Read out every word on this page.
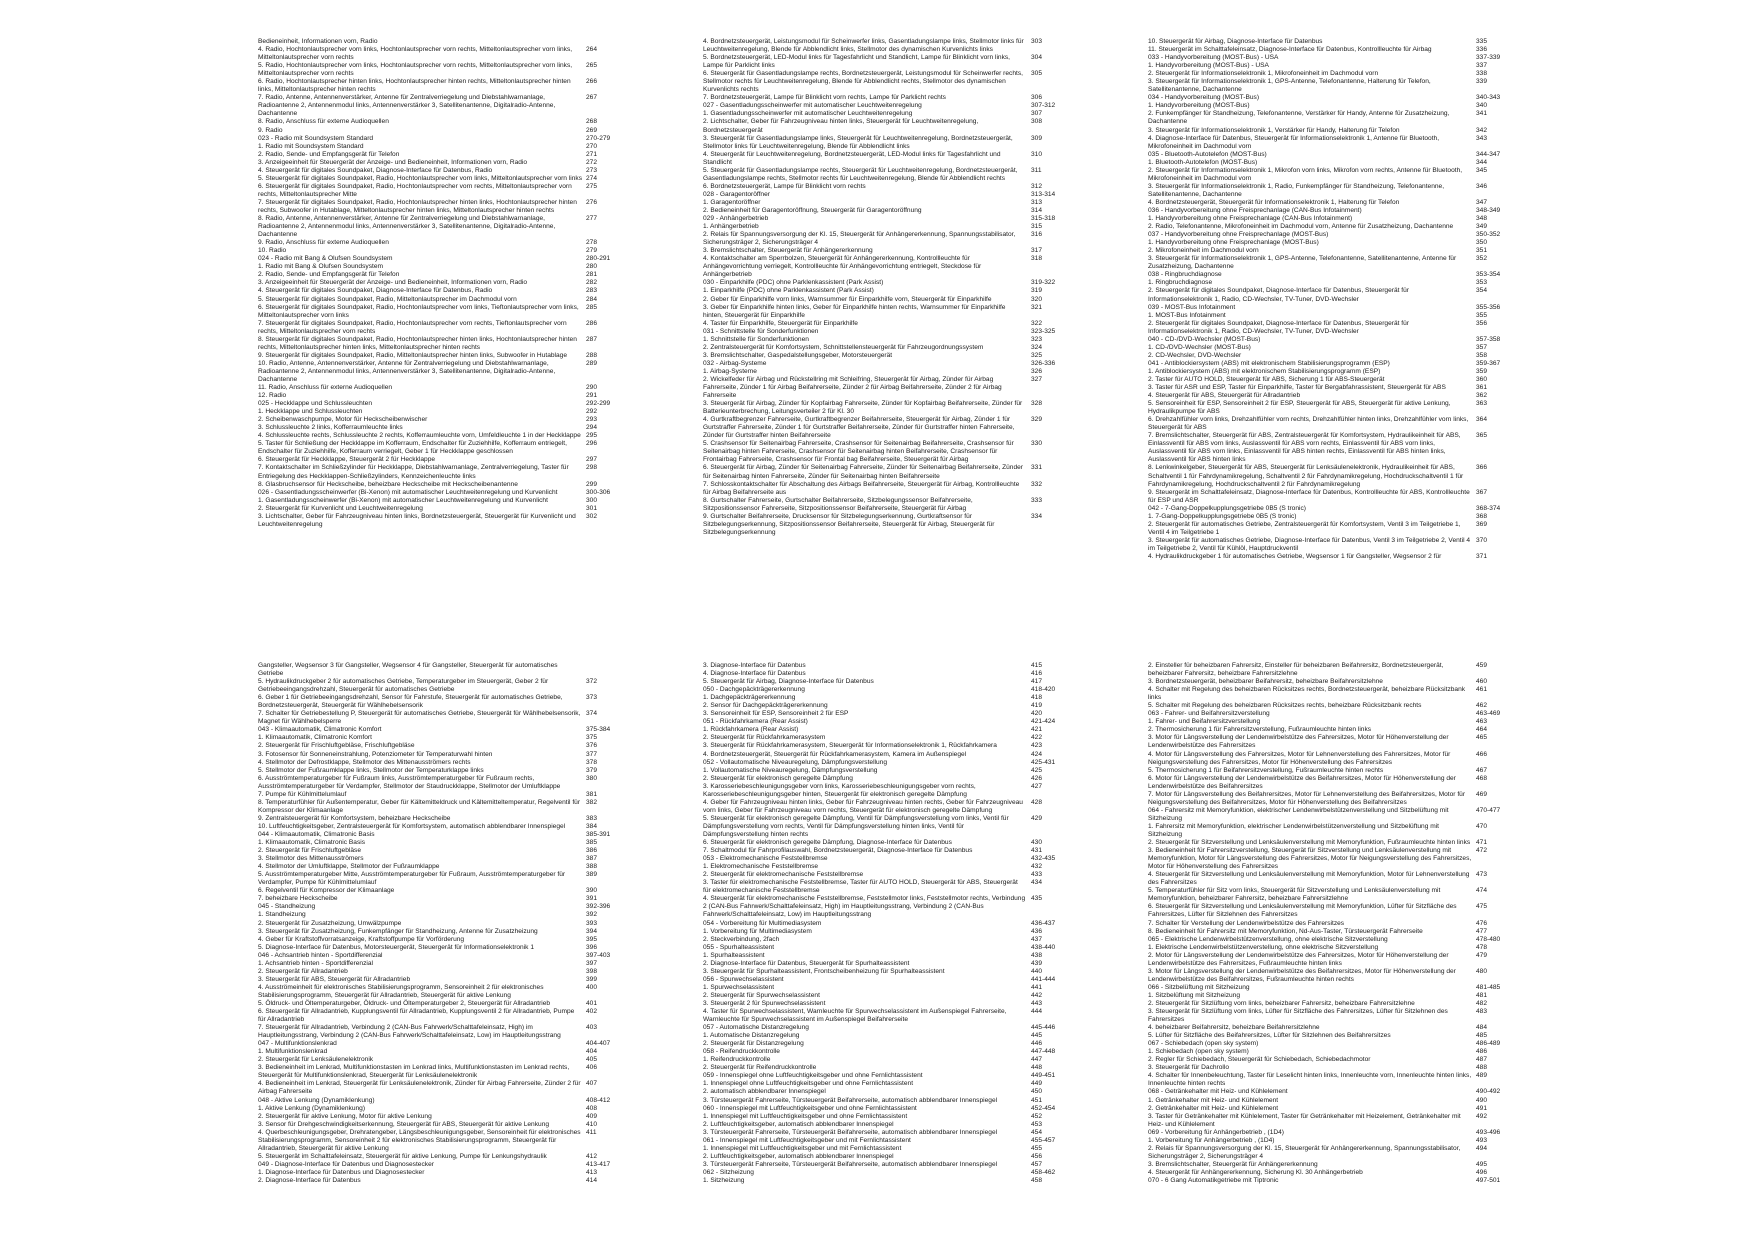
Bedieneinheit, Informationen vorn, Radio
4. Radio, Hochtonlautsprecher vorn links, Hochtonlautsprecher vorn rechts, Mitteltonlautsprecher vorn links, Mitteltonlautsprecher vorn rechts
264
5. Radio, Hochtonlautsprecher vorn links, Hochtonlautsprecher vorn rechts, Mitteltonlautsprecher vorn links, Mitteltonlautsprecher vorn rechts
265
6. Radio, Hochtonlautsprecher hinten links, Hochtonlautsprecher hinten rechts, Mitteltonlautsprecher hinten links, Mitteltonlautsprecher hinten rechts
266
7. Radio, Antenne, Antennenverstärker, Antenne für Zentralverriegelung und Diebstahlwarnanlage, Radioantenne 2, Antennenmodul links, Antennenverstärker 3, Satellitenantenne, Digitalradio-Antenne, Dachantenne
267
8. Radio, Anschluss für externe Audioquellen	268
9. Radio	269
023 - Radio mit Soundsystem Standard	270-279
1. Radio mit Soundsystem Standard	270
2. Radio, Sende- und Empfangsgerät für Telefon	271
3. Anzeigeeinheit für Steuergerät der Anzeige- und Bedieneinheit, Informationen vorn, Radio	272
4. Steuergerät für digitales Soundpaket, Diagnose-Interface für Datenbus, Radio	273
5. Steuergerät für digitales Soundpaket, Radio, Hochtonlautsprecher vorn links, Mitteltonlautsprecher vorn links 274
6. Steuergerät für digitales Soundpaket, Radio, Hochtonlautsprecher vorn rechts, Mitteltonlautsprecher vorn rechts, Mitteltonlautsprecher Mitte
275
7. Steuergerät für digitales Soundpaket, Radio, Hochtonlautsprecher hinten links, Hochtonlautsprecher hinten rechts, Subwoofer in Hutablage, Mitteltonlautsprecher hinten links, Mitteltonlautsprecher hinten rechts
276
8. Radio, Antenne, Antennenverstärker, Antenne für Zentralverriegelung und Diebstahlwarnanlage, Radioantenne 2, Antennenmodul links, Antennenverstärker 3, Satellitenantenne, Digitalradio-Antenne, Dachantenne
277
9. Radio, Anschluss für externe Audioquellen	278
10. Radio	279
024 - Radio mit Bang & Olufsen Soundsystem	280-291
1. Radio mit Bang & Olufsen Soundsystem	280
2. Radio, Sende- und Empfangsgerät für Telefon	281
3. Anzeigeeinheit für Steuergerät der Anzeige- und Bedieneinheit, Informationen vorn, Radio	282
4. Steuergerät für digitales Soundpaket, Diagnose-Interface für Datenbus, Radio	283
5. Steuergerät für digitales Soundpaket, Radio, Mitteltonlautsprecher im Dachmodul vorn	284
6. Steuergerät für digitales Soundpaket, Radio, Hochtonlautsprecher vorn links, Tieftonlautsprecher vorn links, Mitteltonlautsprecher vorn links
285
7. Steuergerät für digitales Soundpaket, Radio, Hochtonlautsprecher vorn rechts, Tieftonlautsprecher vorn rechts, Mitteltonlautsprecher vorn rechts
286
8. Steuergerät für digitales Soundpaket, Radio, Hochtonlautsprecher hinten links, Hochtonlautsprecher hinten rechts, Mitteltonlautsprecher hinten links, Mitteltonlautsprecher hinten rechts
287
9. Steuergerät für digitales Soundpaket, Radio, Mitteltonlautsprecher hinten links, Subwoofer in Hutablage	288
10. Radio, Antenne, Antennenverstärker, Antenne für Zentralverriegelung und Diebstahlwarnanlage, Radioantenne 2, Antennenmodul links, Antennenverstärker 3, Satellitenantenne, Digitalradio-Antenne, Dachantenne
289
11. Radio, Anschluss für externe Audioquellen	290
12. Radio	291
025 - Heckklappe und Schlussleuchten	292-299
1. Heckklappe und Schlussleuchten	292
2. Scheibenwaschpumpe, Motor für Heckscheibenwischer	293
3. Schlussleuchte 2 links, Kofferraumleuchte links	294
4. Schlussleuchte rechts, Schlussleuchte 2 rechts, Kofferraumleuchte vorn, Umfeldleuchte 1 in der Heckklappe 295
5. Taster für Schließung der Heckklappe im Kofferraum, Endschalter für Zuziehhilfe, Kofferraum entriegelt, Endschalter für Zuziehhilfe, Kofferraum verriegelt, Geber 1 für Heckklappe geschlossen
296
6. Steuergerät für Heckklappe, Steuergerät 2 für Heckklappe	297
7. Kontaktschalter im Schließzylinder für Heckklappe, Diebstahlwarnanlage, Zentralverriegelung, Taster für Entriegelung des Heckklappen-Schließzylinders, Kennzeichenleuchte links
298
8. Glasbruchsensor für Heckscheibe, beheizbare Heckscheibe mit Heckscheibenantenne	299
026 - Gasentladungsscheinwerfer (Bi-Xenon) mit automatischer Leuchtweitenregelung und Kurvenlicht	300-306
1. Gasentladungsscheinwerfer (Bi-Xenon) mit automatischer Leuchtweitenregelung und Kurvenlicht	300
2. Steuergerät für Kurvenlicht und Leuchtweitenregelung	301
3. Lichtschalter, Geber für Fahrzeugniveau hinten links, Bordnetzsteuergerät, Steuergerät für Kurvenlicht und Leuchtweitenregelung
302
4. Bordnetzsteuergerät, Leistungsmodul für Scheinwerfer links, Gasentladungslampe links, Stellmotor links für Leuchtweitenregelung, Blende für Abblendlicht links, Stellmotor des dynamischen Kurvenlichts links
303
5. Bordnetzsteuergerät, LED-Modul links für Tagesfahrlicht und Standlicht, Lampe für Blinklicht vorn links, Lampe für Parklicht links
304
6. Steuergerät für Gasentladungslampe rechts, Bordnetzsteuergerät, Leistungsmodul für Scheinwerfer rechts, Stellmotor rechts für Leuchtweitenregelung, Blende für Abblendlicht rechts, Stellmotor des dynamischen Kurvenlichts rechts
305
7. Bordnetzsteuergerät, Lampe für Blinklicht vorn rechts, Lampe für Parklicht rechts	306
027 - Gasentladungsscheinwerfer mit automatischer Leuchtweitenregelung	307-312
1. Gasentladungsscheinwerfer mit automatischer Leuchtweitenregelung	307
2. Lichtschalter, Geber für Fahrzeugniveau hinten links, Steuergerät für Leuchtweitenregelung, Bordnetzsteuergerät
308
3. Steuergerät für Gasentladungslampe links, Steuergerät für Leuchtweitenregelung, Bordnetzsteuergerät, Stellmotor links für Leuchtweitenregelung, Blende für Abblendlicht links
309
4. Steuergerät für Leuchtweitenregelung, Bordnetzsteuergerät, LED-Modul links für Tagesfahrlicht und Standlicht
310
5. Steuergerät für Gasentladungslampe rechts, Steuergerät für Leuchtweitenregelung, Bordnetzsteuergerät, Gasentladungslampe rechts, Stellmotor rechts für Leuchtweitenregelung, Blende für Abblendlicht rechts
311
6. Bordnetzsteuergerät, Lampe für Blinklicht vorn rechts	312
028 - Garagentoröffner	313-314
1. Garagentoröffner	313
2. Bedieneinheit für Garagentoröffnung, Steuergerät für Garagentoröffnung	314
029 - Anhängerbetrieb	315-318
1. Anhängerbetrieb	315
2. Relais für Spannungsversorgung der Kl. 15, Steuergerät für Anhängererkennung, Spannungsstabilisator, Sicherungsträger 2, Sicherungsträger 4
316
3. Bremslichtschalter, Steuergerät für Anhängererkennung	317
4. Kontaktschalter am Sperrbolzen, Steuergerät für Anhängererkennung, Kontrollleuchte für Anhängevorrichtung verriegelt, Kontrollleuchte für Anhängevorrichtung entriegelt, Steckdose für Anhängerbetrieb
318
030 - Einparkhilfe (PDC) ohne Parklenkassistent (Park Assist)	319-322
1. Einparkhilfe (PDC) ohne Parklenkassistent (Park Assist)	319
2. Geber für Einparkhilfe vorn links, Warnsummer für Einparkhilfe vorn, Steuergerät für Einparkhilfe	320
3. Geber für Einparkhilfe hinten links, Geber für Einparkhilfe hinten rechts, Warnsummer für Einparkhilfe hinten, Steuergerät für Einparkhilfe
321
4. Taster für Einparkhilfe, Steuergerät für Einparkhilfe	322
031 - Schnittstelle für Sonderfunktionen	323-325
1. Schnittstelle für Sonderfunktionen	323
2. Zentralsteuergerät für Komfortsystem, Schnittstellensteuergerät für Fahrzeugordnungssystem	324
3. Bremslichtschalter, Gaspedalstellungsgeber, Motorsteuergerät	325
032 - Airbag-Systeme	326-336
1. Airbag-Systeme	326
2. Wickelfeder für Airbag und Rückstellring mit Schleifring, Steuergerät für Airbag, Zünder für Airbag Fahrerseite, Zünder 1 für Airbag Beifahrerseite, Zünder 2 für Airbag Beifahrerseite, Zünder 2 für Airbag Fahrerseite
327
3. Steuergerät für Airbag, Zünder für Kopfairbag Fahrerseite, Zünder für Kopfairbag Beifahrerseite, Zünder für Batterieunterbrechung, Leitungsverteiler 2 für Kl. 30
328
4. Gurtkraftbegrenzer Fahrerseite, Gurtkraftbegrenzer Beifahrerseite, Steuergerät für Airbag, Zünder 1 für Gurtstraffer Fahrerseite, Zünder 1 für Gurtstraffer Beifahrerseite, Zünder für Gurtstraffer hinten Fahrerseite, Zünder für Gurtstraffer hinten Beifahrerseite
329
5. Crashsensor für Seitenairbag Fahrerseite, Crashsensor für Seitenairbag Beifahrerseite, Crashsensor für Seitenairbag hinten Fahrerseite, Crashsensor für Seitenairbag hinten Beifahrerseite, Crashsensor für Frontairbag Fahrerseite, Crashsensor für Frontal bag Beifahrerseite, Steuergerät für Airbag
330
6. Steuergerät für Airbag, Zünder für Seitenairbag Fahrerseite, Zünder für Seitenairbag Beifahrerseite, Zünder für Seitenairbag hinten Fahrerseite, Zünder für Seitenairbag hinten Beifahrerseite
331
7. Schlosskontaktschalter für Abschaltung des Airbags Beifahrerseite, Steuergerät für Airbag, Kontrollleuchte für Airbag Beifahrerseite aus
332
8. Gurtschalter Fahrerseite, Gurtschalter Beifahrerseite, Sitzbelegungssensor Beifahrerseite, Sitzpositionssensor Fahrerseite, Sitzpositionssensor Beifahrerseite, Steuergerät für Airbag
333
9. Gurtschalter Beifahrerseite, Drucksensor für Sitzbelegungserkennung, Gurtkraftsensor für Sitzbelegungserkennung, Sitzpositionssensor Beifahrerseite, Steuergerät für Airbag, Steuergerät für Sitzbelegungserkennung
334
10. Steuergerät für Airbag, Diagnose-Interface für Datenbus	335
11. Steuergerät im Schalttafeleinsatz, Diagnose-Interface für Datenbus, Kontrollleuchte für Airbag	336
033 - Handyvorbereitung (MOST-Bus) - USA	337-339
1. Handyvorbereitung (MOST-Bus) - USA	337
2. Steuergerät für Informationselektronik 1, Mikrofoneinheit im Dachmodul vorn	338
3. Steuergerät für Informationselektronik 1, GPS-Antenne, Telefonantenne, Halterung für Telefon, Satellitenantenne, Dachantenne
339
034 - Handyvorbereitung (MOST-Bus)	340-343
1. Handyvorbereitung (MOST-Bus)	340
2. Funkempfänger für Standheizung, Telefonantenne, Verstärker für Handy, Antenne für Zusatzheizung, Dachantenne
341
3. Steuergerät für Informationselektronik 1, Verstärker für Handy, Halterung für Telefon	342
4. Diagnose-Interface für Datenbus, Steuergerät für Informationselektronik 1, Antenne für Bluetooth, Mikrofoneinheit im Dachmodul vorn
343
035 - Bluetooth-Autotelefon (MOST-Bus)	344-347
1. Bluetooth-Autotelefon (MOST-Bus)	344
2. Steuergerät für Informationselektronik 1, Mikrofon vorn links, Mikrofon vorn rechts, Antenne für Bluetooth, Mikrofoneinheit im Dachmodul vorn
345
3. Steuergerät für Informationselektronik 1, Radio, Funkempfänger für Standheizung, Telefonantenne, Satellitenantenne, Dachantenne
346
4. Bordnetzsteuergerät, Steuergerät für Informationselektronik 1, Halterung für Telefon	347
036 - Handyvorbereitung ohne Freisprechanlage (CAN-Bus Infotainment)	348-349
1. Handyvorbereitung ohne Freisprechanlage (CAN-Bus Infotainment)	348
2. Radio, Telefonantenne, Mikrofoneinheit im Dachmodul vorn, Antenne für Zusatzheizung, Dachantenne	349
037 - Handyvorbereitung ohne Freisprechanlage (MOST-Bus)	350-352
1. Handyvorbereitung ohne Freisprechanlage (MOST-Bus)	350
2. Mikrofoneinheit im Dachmodul vorn	351
3. Steuergerät für Informationselektronik 1, GPS-Antenne, Telefonantenne, Satellitenantenne, Antenne für Zusatzheizung, Dachantenne
352
038 - Ringbruchdiagnose	353-354
1. Ringbruchdiagnose	353
2. Steuergerät für digitales Soundpaket, Diagnose-Interface für Datenbus, Steuergerät für Informationselektronik 1, Radio, CD-Wechsler, TV-Tuner, DVD-Wechsler
354
039 - MOST-Bus Infotainment	355-356
1. MOST-Bus Infotainment	355
2. Steuergerät für digitales Soundpaket, Diagnose-Interface für Datenbus, Steuergerät für Informationselektronik 1, Radio, CD-Wechsler, TV-Tuner, DVD-Wechsler
356
040 - CD-/DVD-Wechsler (MOST-Bus)	357-358
1. CD-/DVD-Wechsler (MOST-Bus)	357
2. CD-Wechsler, DVD-Wechsler	358
041 - Antiblockiersystem (ABS) mit elektronischem Stabilisierungsprogramm (ESP)	359-367
1. Antiblockiersystem (ABS) mit elektronischem Stabilisierungsprogramm (ESP)	359
2. Taster für AUTO HOLD, Steuergerät für ABS, Sicherung 1 für ABS-Steuergerät	360
3. Taster für ASR und ESP, Taster für Einparkhilfe, Taster für Bergabfahrassistent, Steuergerät für ABS	361
4. Steuergerät für ABS, Steuergerät für Allradantrieb	362
5. Sensoreinheit für ESP, Sensoreinheit 2 für ESP, Steuergerät für ABS, Steuergerät für aktive Lenkung, Hydraulikpumpe für ABS
363
6. Drehzahlfühler vorn links, Drehzahlfühler vorn rechts, Drehzahlfühler hinten links, Drehzahlfühler vorn links, Steuergerät für ABS
364
7. Bremslichtschalter, Steuergerät für ABS, Zentralsteuergerät für Komfortsystem, Hydraulikeinheit für ABS, Einlassventil für ABS vorn links, Auslassventil für ABS vorn rechts, Einlassventil für ABS vorn links, Auslassventil für ABS vorn links, Einlassventil für ABS hinten rechts, Einlassventil für ABS hinten links, Auslassventil für ABS hinten links
365
8. Lenkwinkelgeber, Steuergerät für ABS, Steuergerät für Lenksäulenelektronik, Hydraulikeinheit für ABS, Schaltventil 1 für Fahrdynamikregelung, Schaltventil 2 für Fahrdynamikregelung, Hochdruckschaltventil 1 für Fahrdynamikregelung, Hochdruckschaltventil 2 für Fahrdynamikregelung
366
9. Steuergerät im Schalttafeleinsatz, Diagnose-Interface für Datenbus, Kontrollleuchte für ABS, Kontrollleuchte für ESP und ASR
367
042 - 7-Gang-Doppelkupplungsgetriebe 0B5 (S tronic)	368-374
1. 7-Gang-Doppelkupplungsgetriebe 0B5 (S tronic)	368
2. Steuergerät für automatisches Getriebe, Zentralsteuergerät für Komfortsystem, Ventil 3 im Teilgetriebe 1, Ventil 4 im Teilgetriebe 1
369
3. Steuergerät für automatisches Getriebe, Diagnose-Interface für Datenbus, Ventil 3 im Teilgetriebe 2, Ventil 4 im Teilgetriebe 2, Ventil für Kühlöl, Hauptdruckventil
370
4. Hydraulikdruckgeber 1 für automatisches Getriebe, Wegsensor 1 für Gangsteller, Wegsensor 2 für	371
Gangsteller, Wegsensor 3 für Gangsteller, Wegsensor 4 für Gangsteller, Steuergerät für automatisches Getriebe
5. Hydraulikdruckgeber 2 für automatisches Getriebe, Temperaturgeber im Steuergerät, Geber 2 für Getriebeeingangsdrehzahl, Steuergerät für automatisches Getriebe
372
6. Geber 1 für Getriebeeingangsdrehzahl, Sensor für Fahrstufe, Steuergerät für automatisches Getriebe, Bordnetzsteuergerät, Steuergerät für Wählhebelsensorik
373
7. Schalter für Getriebestellung P, Steuergerät für automatisches Getriebe, Steuergerät für Wählhebelsensorik, Magnet für Wählhebelsperre
374
043 - Klimaautomatik, Climatronic Komfort	375-384
1. Klimaautomatik, Climatronic Komfort	375
2. Steuergerät für Frischluftgebläse, Frischluftgebläse	376
3. Fotosensor für Sonneneinstrahlung, Potenziometer für Temperaturwahl hinten	377
4. Stellmotor der Defrostklappe, Stellmotor des Mittenausströmers rechts	378
5. Stellmotor der Fußraumklappe links, Stellmotor der Temperaturklappe links	379
6. Ausströmtemperaturgeber für Fußraum links, Ausströmtemperaturgeber für Fußraum rechts, Ausströmtemperaturgeber für Verdampfer, Stellmotor der Staudruckklappe, Stellmotor der Umluftklappe
380
7. Pumpe für Kühlmittelumlauf	381
8. Temperaturfühler für Außentemperatur, Geber für Kältemitteldruck und Kältemitteltemperatur, Regelventil für Kompressor der Klimaanlage
382
9. Zentralsteuergerät für Komfortsystem, beheizbare Heckscheibe	383
10. Luftfeuchtigkeitsgeber, Zentralsteuergerät für Komfortsystem, automatisch abblendbarer Innenspiegel	384
044 - Klimaautomatik, Climatronic Basis	385-391
1. Klimaautomatik, Climatronic Basis	385
2. Steuergerät für Frischluftgebläse	386
3. Stellmotor des Mittenausströmers	387
4. Stellmotor der Umluftklappe, Stellmotor der Fußraumklappe	388
5. Ausströmtemperaturgeber Mitte, Ausströmtemperaturgeber für Fußraum, Ausströmtemperaturgeber für Verdampfer, Pumpe für Kühlmittelumlauf
389
6. Regelventil für Kompressor der Klimaanlage	390
7. beheizbare Heckscheibe	391
045 - Standheizung	392-396
1. Standheizung	392
2. Steuergerät für Zusatzheizung, Umwälzpumpe	393
3. Steuergerät für Zusatzheizung, Funkempfänger für Standheizung, Antenne für Zusatzheizung	394
4. Geber für Kraftstoffvorratsanzeige, Kraftstoffpumpe für Vorförderung	395
5. Diagnose-Interface für Datenbus, Motorsteuergerät, Steuergerät für Informationselektronik 1	396
046 - Achsantrieb hinten - Sportdifferenzial	397-403
1. Achsantrieb hinten - Sportdifferenzial	397
2. Steuergerät für Allradantrieb	398
3. Steuergerät für ABS, Steuergerät für Allradantrieb	399
4. Ausströmeinheit für elektronisches Stabilisierungsprogramm, Sensoreinheit 2 für elektronisches Stabilisierungsprogramm, Steuergerät für Allradantrieb, Steuergerät für aktive Lenkung
400
5. Öldruck- und Öltemperaturgeber, Öldruck- und Öltemperaturgeber 2, Steuergerät für Allradantrieb	401
6. Steuergerät für Allradantrieb, Kupplungsventil für Allradantrieb, Kupplungsventil 2 für Allradantrieb, Pumpe für Allradantrieb
402
7. Steuergerät für Allradantrieb, Verbindung 2 (CAN-Bus Fahrwerk/Schalttafeleinsatz, High) im Hauptleitungsstrang, Verbindung 2 (CAN-Bus Fahrwerk/Schalttafeleinsatz, Low) im Hauptleitungsstrang
403
047 - Multifunktionslenkrad	404-407
1. Multifunktionslenkrad	404
2. Steuergerät für Lenksäulenelektronik	405
3. Bedieneinheit im Lenkrad, Multifunktionstasten im Lenkrad links, Multifunktionstasten im Lenkrad rechts, Steuergerät für Multifunktionslenkrad, Steuergerät für Lenksäulenelektronik
406
4. Bedieneinheit im Lenkrad, Steuergerät für Lenksäulenelektronik, Zünder für Airbag Fahrerseite, Zünder 2 für Airbag Fahrerseite
407
048 - Aktive Lenkung (Dynamiklenkung)	408-412
1. Aktive Lenkung (Dynamiklenkung)	408
2. Steuergerät für aktive Lenkung, Motor für aktive Lenkung	409
3. Sensor für Drehgeschwindigkeitserkennung, Steuergerät für ABS, Steuergerät für aktive Lenkung	410
4. Querbeschleunigungsgeber, Drehratengeber, Längsbeschleunigungsgeber, Sensoreinheit für elektronisches Stabilisierungsprogramm, Sensoreinheit 2 für elektronisches Stabilisierungsprogramm, Steuergerät für Allradantrieb, Steuergerät für aktive Lenkung
411
5. Steuergerät im Schalttafeleinsatz, Steuergerät für aktive Lenkung, Pumpe für Lenkungshydraulik	412
049 - Diagnose-Interface für Datenbus und Diagnosestecker	413-417
1. Diagnose-Interface für Datenbus und Diagnosestecker	413
2. Diagnose-Interface für Datenbus	414
3. Diagnose-Interface für Datenbus	415
4. Diagnose-Interface für Datenbus	416
5. Steuergerät für Airbag, Diagnose-Interface für Datenbus	417
050 - Dachgepäckträgererkennung	418-420
1. Dachgepäckträgererkennung	418
2. Sensor für Dachgepäckträgererkennung	419
3. Sensoreinheit für ESP, Sensoreinheit 2 für ESP	420
051 - Rückfahrkamera (Rear Assist)	421-424
1. Rückfahrkamera (Rear Assist)	421
2. Steuergerät für Rückfahrkamerasystem	422
3. Steuergerät für Rückfahrkamerasystem, Steuergerät für Informationselektronik 1, Rückfahrkamera	423
4. Bordnetzsteuergerät, Steuergerät für Rückfahrkamerasystem, Kamera im Außenspiegel	424
052 - Vollautomatische Niveauregelung, Dämpfungsverstellung	425-431
1. Vollautomatische Niveauregelung, Dämpfungsverstellung	425
2. Steuergerät für elektronisch geregelte Dämpfung	426
3. Karosseriebeschleunigungsgeber vorn links, Karosseriebeschleunigungsgeber vorn rechts, Karosseriebeschleunigungsgeber hinten, Steuergerät für elektronisch geregelte Dämpfung
427
4. Geber für Fahrzeugniveau hinten links, Geber für Fahrzeugniveau hinten rechts, Geber für Fahrzeugniveau vorn links, Geber für Fahrzeugniveau vorn rechts, Steuergerät für elektronisch geregelte Dämpfung
428
5. Steuergerät für elektronisch geregelte Dämpfung, Ventil für Dämpfungsverstellung vorn links, Ventil für Dämpfungsverstellung vorn rechts, Ventil für Dämpfungsverstellung hinten links, Ventil für Dämpfungsverstellung hinten rechts
429
6. Steuergerät für elektronisch geregelte Dämpfung, Diagnose-Interface für Datenbus	430
7. Schaltmodul für Fahrprofilauswahl, Bordnetzsteuergerät, Diagnose-Interface für Datenbus	431
053 - Elektromechanische Feststellbremse	432-435
1. Elektromechanische Feststellbremse	432
2. Steuergerät für elektromechanische Feststellbremse	433
3. Taster für elektromechanische Feststellbremse, Taster für AUTO HOLD, Steuergerät für ABS, Steuergerät für elektromechanische Feststellbremse
434
4. Steuergerät für elektromechanische Feststellbremse, Feststellmotor links, Feststellmotor rechts, Verbindung 2 (CAN-Bus Fahrwerk/Schalttafeleinsatz, High) im Hauptleitungsstrang, Verbindung 2 (CAN-Bus Fahrwerk/Schalttafeleinsatz, Low) im Hauptleitungsstrang
435
054 - Vorbereitung für Multimediasystem	436-437
1. Vorbereitung für Multimediasystem	436
2. Steckverbindung, 2fach	437
055 - Spurhalteassistent	438-440
1. Spurhalteassistent	438
2. Diagnose-Interface für Datenbus, Steuergerät für Spurhalteassistent	439
3. Steuergerät für Spurhalteassistent, Frontscheibenheizung für Spurhalteassistent	440
056 - Spurwechselassistent	441-444
1. Spurwechselassistent	441
2. Steuergerät für Spurwechselassistent	442
3. Steuergerät 2 für Spurwechselassistent	443
4. Taster für Spurwechselassistent, Warnleuchte für Spurwechselassistent im Außenspiegel Fahrerseite, Warnleuchte für Spurwechselassistent im Außenspiegel Beifahrerseite
444
057 - Automatische Distanzregelung	445-446
1. Automatische Distanzregelung	445
2. Steuergerät für Distanzregelung	446
058 - Reifendruckkontrolle	447-448
1. Reifendruckkontrolle	447
2. Steuergerät für Reifendruckkontrolle	448
059 - Innenspiegel ohne Luftfeuchtigkeitsgeber und ohne Fernlichtassistent	449-451
1. Innenspiegel ohne Luftfeuchtigkeitsgeber und ohne Fernlichtassistent	449
2. automatisch abblendbarer Innenspiegel	450
3. Türsteuergerät Fahrerseite, Türsteuergerät Beifahrerseite, automatisch abblendbarer Innenspiegel	451
060 - Innenspiegel mit Luftfeuchtigkeitsgeber und ohne Fernlichtassistent	452-454
1. Innenspiegel mit Luftfeuchtigkeitsgeber und ohne Fernlichtassistent	452
2. Luftfeuchtigkeitsgeber, automatisch abblendbarer Innenspiegel	453
3. Türsteuergerät Fahrerseite, Türsteuergerät Beifahrerseite, automatisch abblendbarer Innenspiegel	454
061 - Innenspiegel mit Luftfeuchtigkeitsgeber und mit Fernlichtassistent	455-457
1. Innenspiegel mit Luftfeuchtigkeitsgeber und mit Fernlichtassistent	455
2. Luftfeuchtigkeitsgeber, automatisch abblendbarer Innenspiegel	456
3. Türsteuergerät Fahrerseite, Türsteuergerät Beifahrerseite, automatisch abblendbarer Innenspiegel	457
062 - Sitzheizung	458-462
1. Sitzheizung	458
2. Einsteller für beheizbaren Fahrersitz, Einsteller für beheizbaren Beifahrersitz, Bordnetzsteuergerät, beheizbarer Fahrersitz, beheizbare Fahrersitzlehne
459
3. Bordnetzsteuergerät, beheizbarer Beifahrersitz, beheizbare Beifahrersitzlehne	460
4. Schalter mit Regelung des beheizbaren Rücksitzes rechts, Bordnetzsteuergerät, beheizbare Rücksitzbank links
461
5. Schalter mit Regelung des beheizbaren Rücksitzes rechts, beheizbare Rücksitzbank rechts	462
063 - Fahrer- und Beifahrersitzverstellung	463-469
1. Fahrer- und Beifahrersitzverstellung	463
2. Thermosicherung 1 für Fahrersitzverstellung, Fußraumleuchte hinten links	464
3. Motor für Längsverstellung der Lendenwirbelstütze des Fahrersitzes, Motor für Höhenverstellung der Lendenwirbelstütze des Fahrersitzes
465
4. Motor für Längsverstellung des Fahrersitzes, Motor für Lehnenverstellung des Fahrersitzes, Motor für Neigungsverstellung des Fahrersitzes, Motor für Höhenverstellung des Fahrersitzes
466
5. Thermosicherung 1 für Beifahrersitzverstellung, Fußraumleuchte hinten rechts	467
6. Motor für Längsverstellung der Lendenwirbelstütze des Beifahrersitzes, Motor für Höhenverstellung der Lendenwirbelstütze des Beifahrersitzes
468
7. Motor für Längsverstellung des Beifahrersitzes, Motor für Lehnenverstellung des Beifahrersitzes, Motor für Neigungsverstellung des Beifahrersitzes, Motor für Höhenverstellung des Beifahrersitzes
469
064 - Fahrersitz mit Memoryfunktion, elektrischer Lendenwirbelstützenverstellung und Sitzbelüftung mit Sitzheizung
470-477
1. Fahrersitz mit Memoryfunktion, elektrischer Lendenwirbelstützenverstellung und Sitzbelüftung mit Sitzheizung
470
2. Steuergerät für Sitzverstellung und Lenksäulenverstellung mit Memoryfunktion, Fußraumleuchte hinten links 471
3. Bedieneinheit für Fahrersitzverstellung, Steuergerät für Sitzverstellung und Lenksäulenverstellung mit Memoryfunktion, Motor für Längsverstellung des Fahrersitzes, Motor für Neigungsverstellung des Fahrersitzes, Motor für Höhenverstellung des Fahrersitzes
472
4. Steuergerät für Sitzverstellung und Lenksäulenverstellung mit Memoryfunktion, Motor für Lehnenverstellung des Fahrersitzes
473
5. Temperaturfühler für Sitz vorn links, Steuergerät für Sitzverstellung und Lenksäulenverstellung mit Memoryfunktion, beheizbarer Fahrersitz, beheizbare Fahrersitzlehne
474
6. Steuergerät für Sitzverstellung und Lenksäulenverstellung mit Memoryfunktion, Lüfter für Sitzfläche des Fahrersitzes, Lüfter für Sitzlehnen des Fahrersitzes
475
7. Schalter für Verstellung der Lendenwirbelstütze des Fahrersitzes	476
8. Bedieneinheit für Fahrersitz mit Memoryfunktion, Nd-Aus-Taster, Türsteuergerät Fahrerseite	477
065 - Elektrische Lendenwirbelstützenverstellung, ohne elektrische Sitzverstellung	478-480
1. Elektrische Lendenwirbelstützenverstellung, ohne elektrische Sitzverstellung	478
2. Motor für Längsverstellung der Lendenwirbelstütze des Fahrersitzes, Motor für Höhenverstellung der Lendenwirbelstütze des Fahrersitzes, Fußraumleuchte hinten links
479
3. Motor für Längsverstellung der Lendenwirbelstütze des Beifahrersitzes, Motor für Höhenverstellung der Lendenwirbelstütze des Beifahrersitzes, Fußraumleuchte hinten rechts
480
066 - Sitzbelüftung mit Sitzheizung	481-485
1. Sitzbelüftung mit Sitzheizung	481
2. Steuergerät für Sitzlüftung vorn links, beheizbarer Fahrersitz, beheizbare Fahrersitzlehne	482
3. Steuergerät für Sitzlüftung vorn links, Lüfter für Sitzfläche des Fahrersitzes, Lüfter für Sitzlehnen des Fahrersitzes
483
4. beheizbarer Beifahrersitz, beheizbare Beifahrersitzlehne	484
5. Lüfter für Sitzfläche des Beifahrersitzes, Lüfter für Sitzlehnen des Beifahrersitzes	485
067 - Schiebedach (open sky system)	486-489
1. Schiebedach (open sky system)	486
2. Regler für Schiebedach, Steuergerät für Schiebedach, Schiebedachmotor	487
3. Steuergerät für Dachrollo	488
4. Schalter für Innenbeleuchtung, Taster für Leselicht hinten links, Innenleuchte vorn, Innenleuchte hinten links, Innenleuchte hinten rechts
489
068 - Getränkehalter mit Heiz- und Kühlelement	490-492
1. Getränkehalter mit Heiz- und Kühlelement	490
2. Getränkehalter mit Heiz- und Kühlelement	491
3. Taster für Getränkehalter mit Kühlelement, Taster für Getränkehalter mit Heizelement, Getränkehalter mit Heiz- und Kühlelement
492
069 - Vorbereitung für Anhängerbetrieb , (1D4)	493-496
1. Vorbereitung für Anhängerbetrieb , (1D4)	493
2. Relais für Spannungsversorgung der Kl. 15, Steuergerät für Anhängererkennung, Spannungsstabilisator, Sicherungsträger 2, Sicherungsträger 4
494
3. Bremslichtschalter, Steuergerät für Anhängererkennung	495
4. Steuergerät für Anhängererkennung, Sicherung Kl. 30 Anhängerbetrieb	496
070 - 6 Gang Automatikgetriebe mit Tiptronic	497-501
